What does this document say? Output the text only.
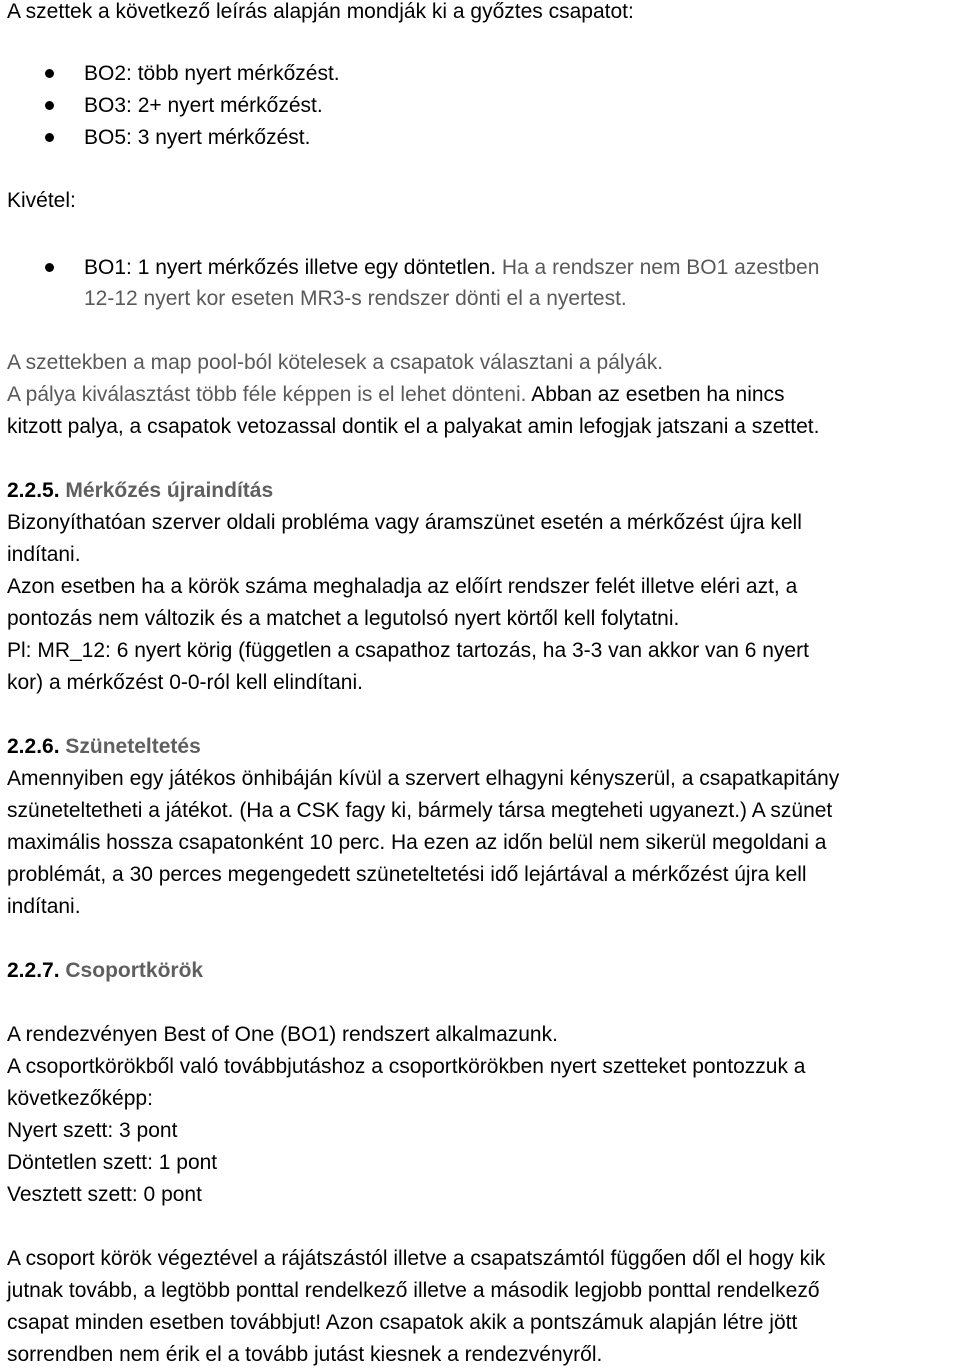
A szettek a következő leírás alapján mondják ki a győztes csapatot:
BO2: több nyert mérkőzést.
BO3: 2+ nyert mérkőzést.
BO5: 3 nyert mérkőzést.
Kivétel:
BO1: 1 nyert mérkőzés illetve egy döntetlen. Ha a rendszer nem BO1 azestben
12-12 nyert kor eseten MR3-s rendszer dönti el a nyertest.
A szettekben a map pool-ból kötelesek a csapatok választani a pályák.
A pálya kiválasztást több féle képpen is el lehet dönteni. Abban az esetben ha nincs
kitzott palya, a csapatok vetozassal dontik el a palyakat amin lefogjak jatszani a szettet.
2.2.5. Mérkőzés újraindítás
Bizonyíthatóan szerver oldali probléma vagy áramszünet esetén a mérkőzést újra kell
indítani.
Azon esetben ha a körök száma meghaladja az előírt rendszer felét illetve eléri azt, a
pontozás nem változik és a matchet a legutolsó nyert körtől kell folytatni.
Pl: MR_12: 6 nyert körig (független a csapathoz tartozás, ha 3-3 van akkor van 6 nyert
kor) a mérkőzést 0-0-ról kell elindítani.
2.2.6. Szüneteltetés
Amennyiben egy játékos önhibáján kívül a szervert elhagyni kényszerül, a csapatkapitány
szüneteltetheti a játékot. (Ha a CSK fagy ki, bármely társa megteheti ugyanezt.) A szünet
maximális hossza csapatonként 10 perc. Ha ezen az időn belül nem sikerül megoldani a
problémát, a 30 perces megengedett szüneteltetési idő lejártával a mérkőzést újra kell
indítani.
2.2.7. Csoportkörök
A rendezvényen Best of One (BO1) rendszert alkalmazunk.
A csoportkörökből való továbbjutáshoz a csoportkörökben nyert szetteket pontozzuk a
következőképp:
Nyert szett: 3 pont
Döntetlen szett: 1 pont
Vesztett szett: 0 pont
A csoport körök végeztével a rájátszástól illetve a csapatszámtól függően dől el hogy kik
jutnak tovább, a legtöbb ponttal rendelkező illetve a második legjobb ponttal rendelkező
csapat minden esetben továbbjut! Azon csapatok akik a pontszámuk alapján létre jött
sorrendben nem érik el a tovább jutást kiesnek a rendezvényről.
